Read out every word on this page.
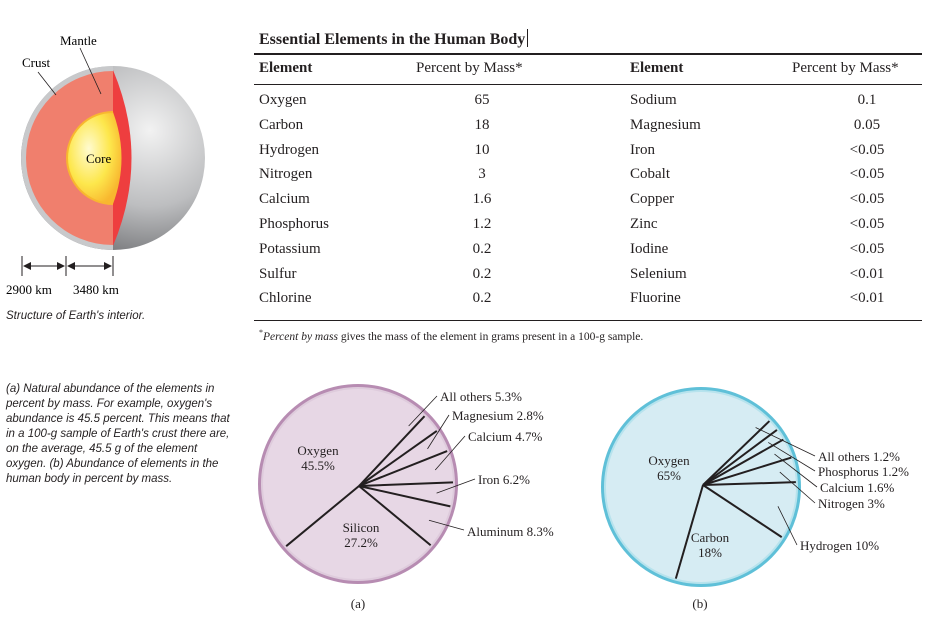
Mantle
Crust
Core
2900 km 3480 km
Structure of Earth's interior.
Essential Elements in the Human Body
Element	Percent by Mass*	Element	Percent by Mass*
Oxygen	65	Sodium	0.1
Carbon	18	Magnesium	0.05
Hydrogen	10	Iron	<0.05
Nitrogen	3	Cobalt	<0.05
Calcium	1.6	Copper	<0.05
Phosphorus	1.2	Zinc	<0.05
Potassium	0.2	Iodine	<0.05
Sulfur	0.2	Selenium	<0.01
Chlorine	0.2	Fluorine	<0.01
*Percent by mass gives the mass of the element in grams present in a 100-g sample.
(a) Natural abundance of the elements in percent by mass. For example, oxygen's abundance is 45.5 percent. This means that in a 100-g sample of Earth's crust there are, on the average, 45.5 g of the element oxygen. (b) Abundance of elements in the human body in percent by mass.
Oxygen
45.5%
Silicon
27.2%
Aluminum 8.3%
Iron 6.2%
Calcium 4.7%
Magnesium 2.8%
All others 5.3%
(a)
Oxygen
65%
Carbon
18%	Hydrogen 10%
Nitrogen 3%
Calcium 1.6%
Phosphorus 1.2%
All others 1.2%
(b)
